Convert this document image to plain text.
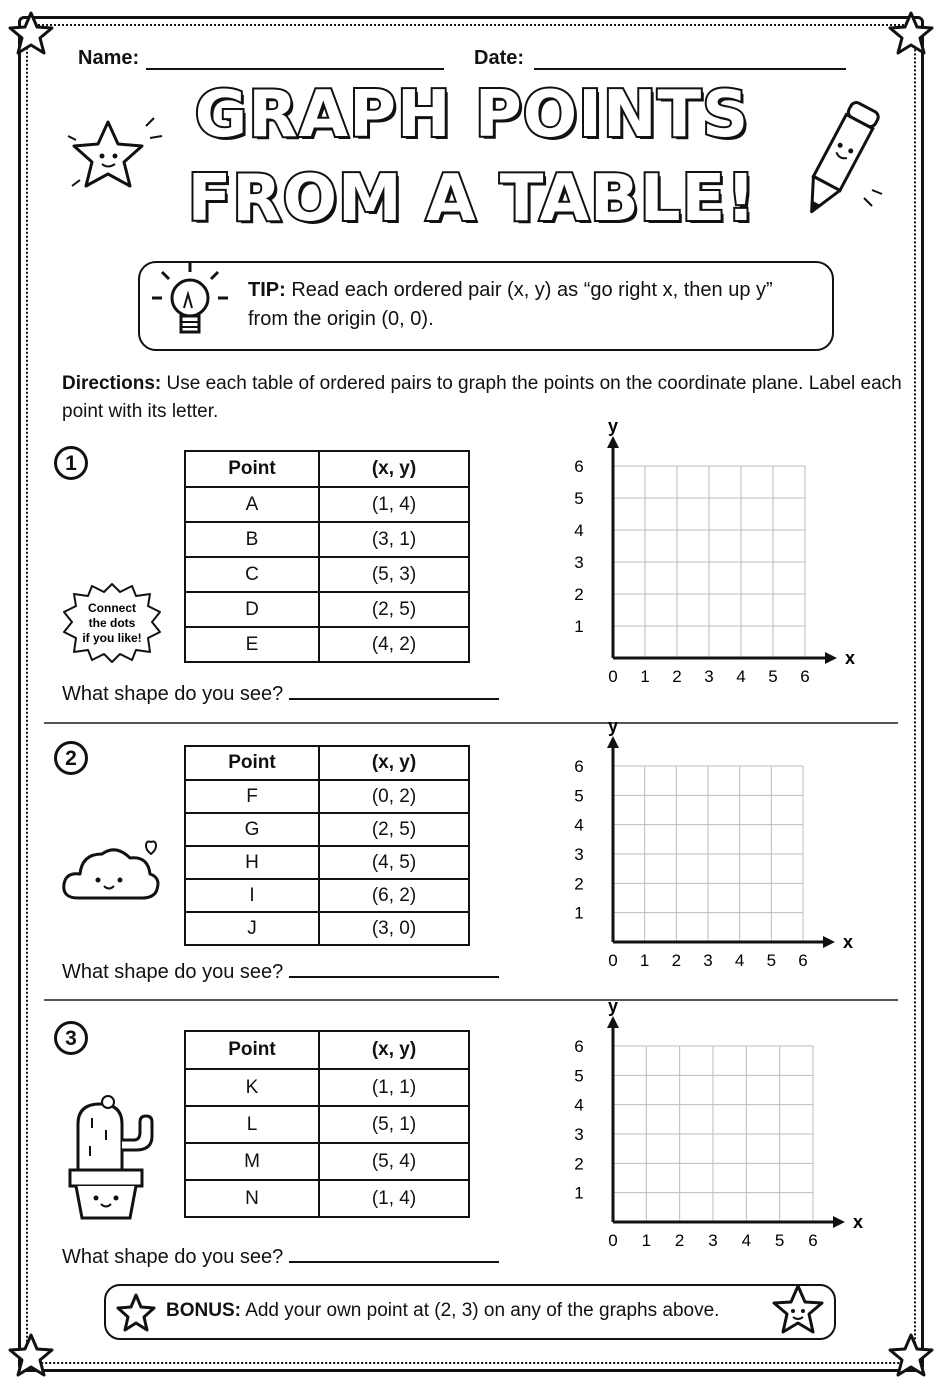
Name:	Date:
GRAPH POINTS
FROM A TABLE!
TIP: Read each ordered pair (x, y) as “go right x, then up y”
from the origin (0, 0).
Directions: Use each table of ordered pairs to graph the points on the coordinate plane. Label each point with its letter.
1	Point	(x, y)
A	(1, 4)
B	(3, 1)
C	(5, 3)
D	(2, 5)
E	(4, 2)
Connect
the dots
if you like!
What shape do you see?
x
y
0 1 2 3 4 5 6
1
2
3
4
5
6
2	Point	(x, y)
F	(0, 2)
G	(2, 5)
H	(4, 5)
I	(6, 2)
J	(3, 0)
What shape do you see?
x
y
0 1 2 3 4 5 6
1
2
3
4
5
6
3	Point	(x, y)
K	(1, 1)
L	(5, 1)
M	(5, 4)
N	(1, 4)
What shape do you see?
x
y
0 1 2 3 4 5 6
1
2
3
4
5
6
BONUS: Add your own point at (2, 3) on any of the graphs above.
